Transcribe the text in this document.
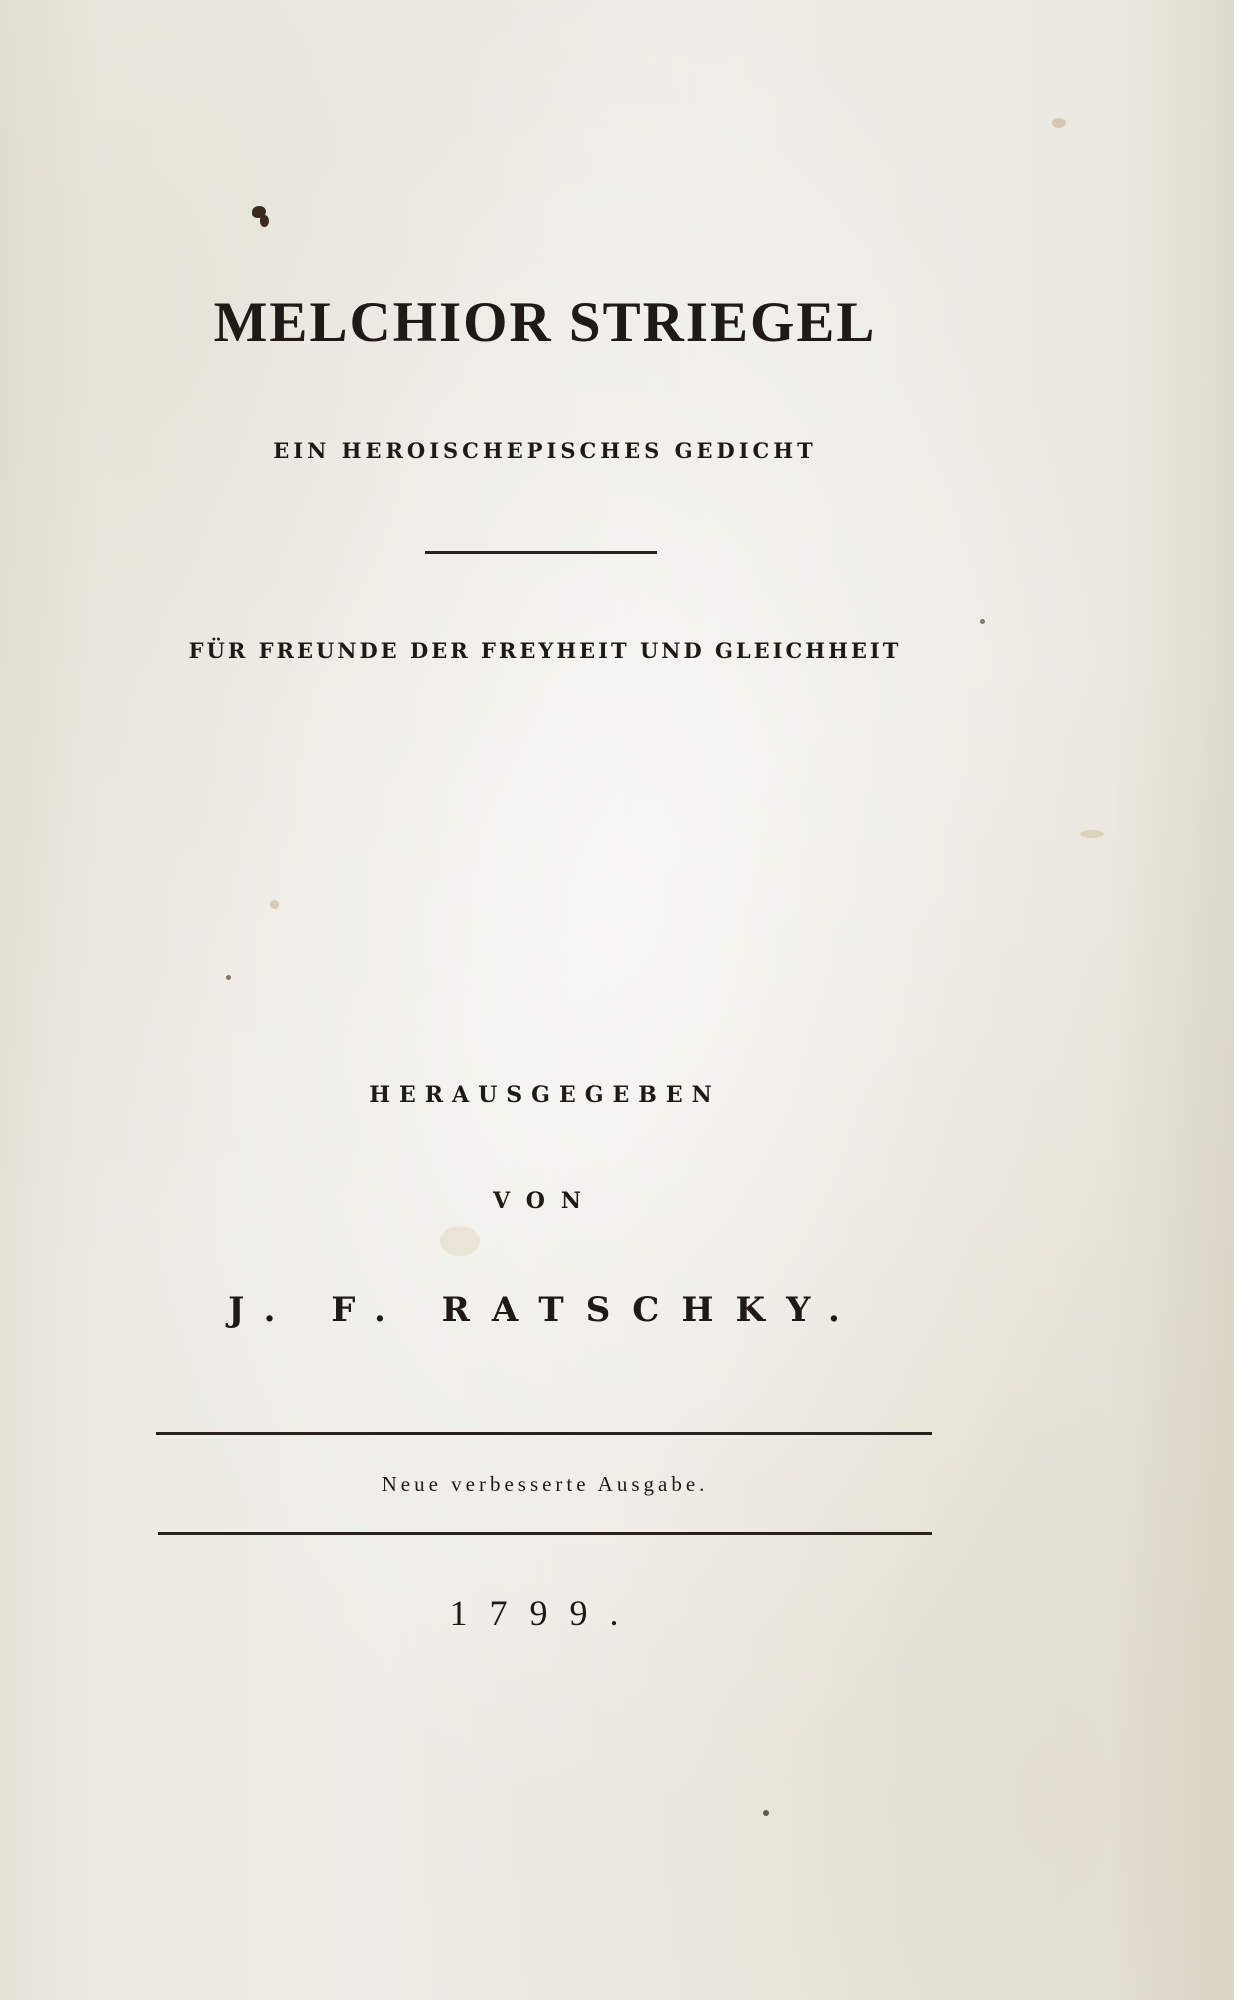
MELCHIOR STRIEGEL
EIN HEROISCHEPISCHES GEDICHT
FÜR FREUNDE DER FREYHEIT UND GLEICHHEIT
HERAUSGEGEBEN
VON
J. F. RATSCHKY.
Neue verbesserte Ausgabe.
1799.
